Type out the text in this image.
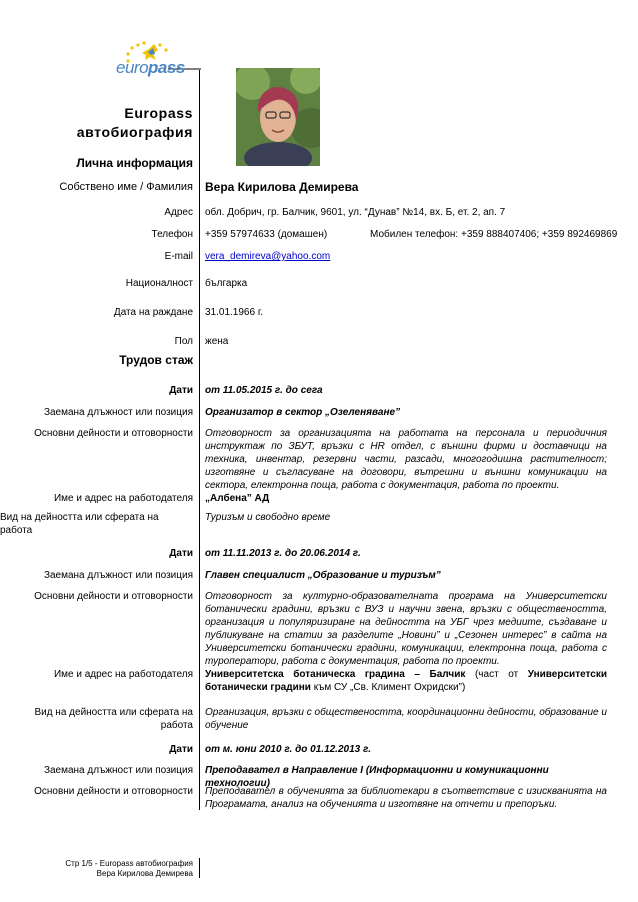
europass
Europass
автобиография
Лична информация
Собствено име / Фамилия Вера Кирилова Демирева
Адрес обл. Добрич, гр. Балчик, 9601, ул. “Дунав” №14, вх. Б, ет. 2, ап. 7
Телефон +359 57974633 (домашен)	Мобилен телефон: +359 888407406; +359 892469869
E-mail vera_demireva@yahoo.com
Националност българка
Дата на раждане 31.01.1966 г.
Пол жена
Трудов стаж
Дати от 11.05.2015 г. до сега
Заемана длъжност или позиция Организатор в сектор „Озеленяване”
Основни дейности и отговорности Отговорност за организацията на работата на персонала и периодичния инструктаж по ЗБУТ, връзки с HR отдел, с външни фирми и доставчици на техника, инвентар, резервни части, разсади, многогодишна растителност; изготвяне и съгласуване на договори, вътрешни и външни комуникации на сектора, електронна поща, работа с документация, работа по проекти.
Име и адрес на работодателя „Албена” АД
Вид на дейността или сферата на
работа
Туризъм и свободно време
Дати от 11.11.2013 г. до 20.06.2014 г.
Заемана длъжност или позиция Главен специалист „Образование и туризъм”
Основни дейности и отговорности Отговорност за културно-образователната програма на Университетски ботанически градини, връзки с ВУЗ и научни звена, връзки с обществеността, организация и популяризиране на дейността на УБГ чрез медиите, създаване и публикуване на статии за разделите „Новини” и „Сезонен интерес” в сайта на Университетски ботанически градини, комуникации, електронна поща, работа с туроператори, работа с документация, работа по проекти.
Име и адрес на работодателя Университетска ботаническа градина – Балчик (част от Университетски ботанически градини към СУ „Св. Климент Охридски”)
Вид на дейността или сферата на
работа
Организация, връзки с обществеността, координационни дейности, образование и обучение
Дати от м. юни 2010 г. до 01.12.2013 г.
Заемана длъжност или позиция Преподавател в Направление I (Информационни и комуникационни технологии)
Основни дейности и отговорности Преподавател в обученията за библиотекари в съответствие с изискванията на Програмата, анализ на обученията и изготвяне на отчети и препоръки.
Стр 1/5 - Europass автобиография
Вера Кирилова Демирева
